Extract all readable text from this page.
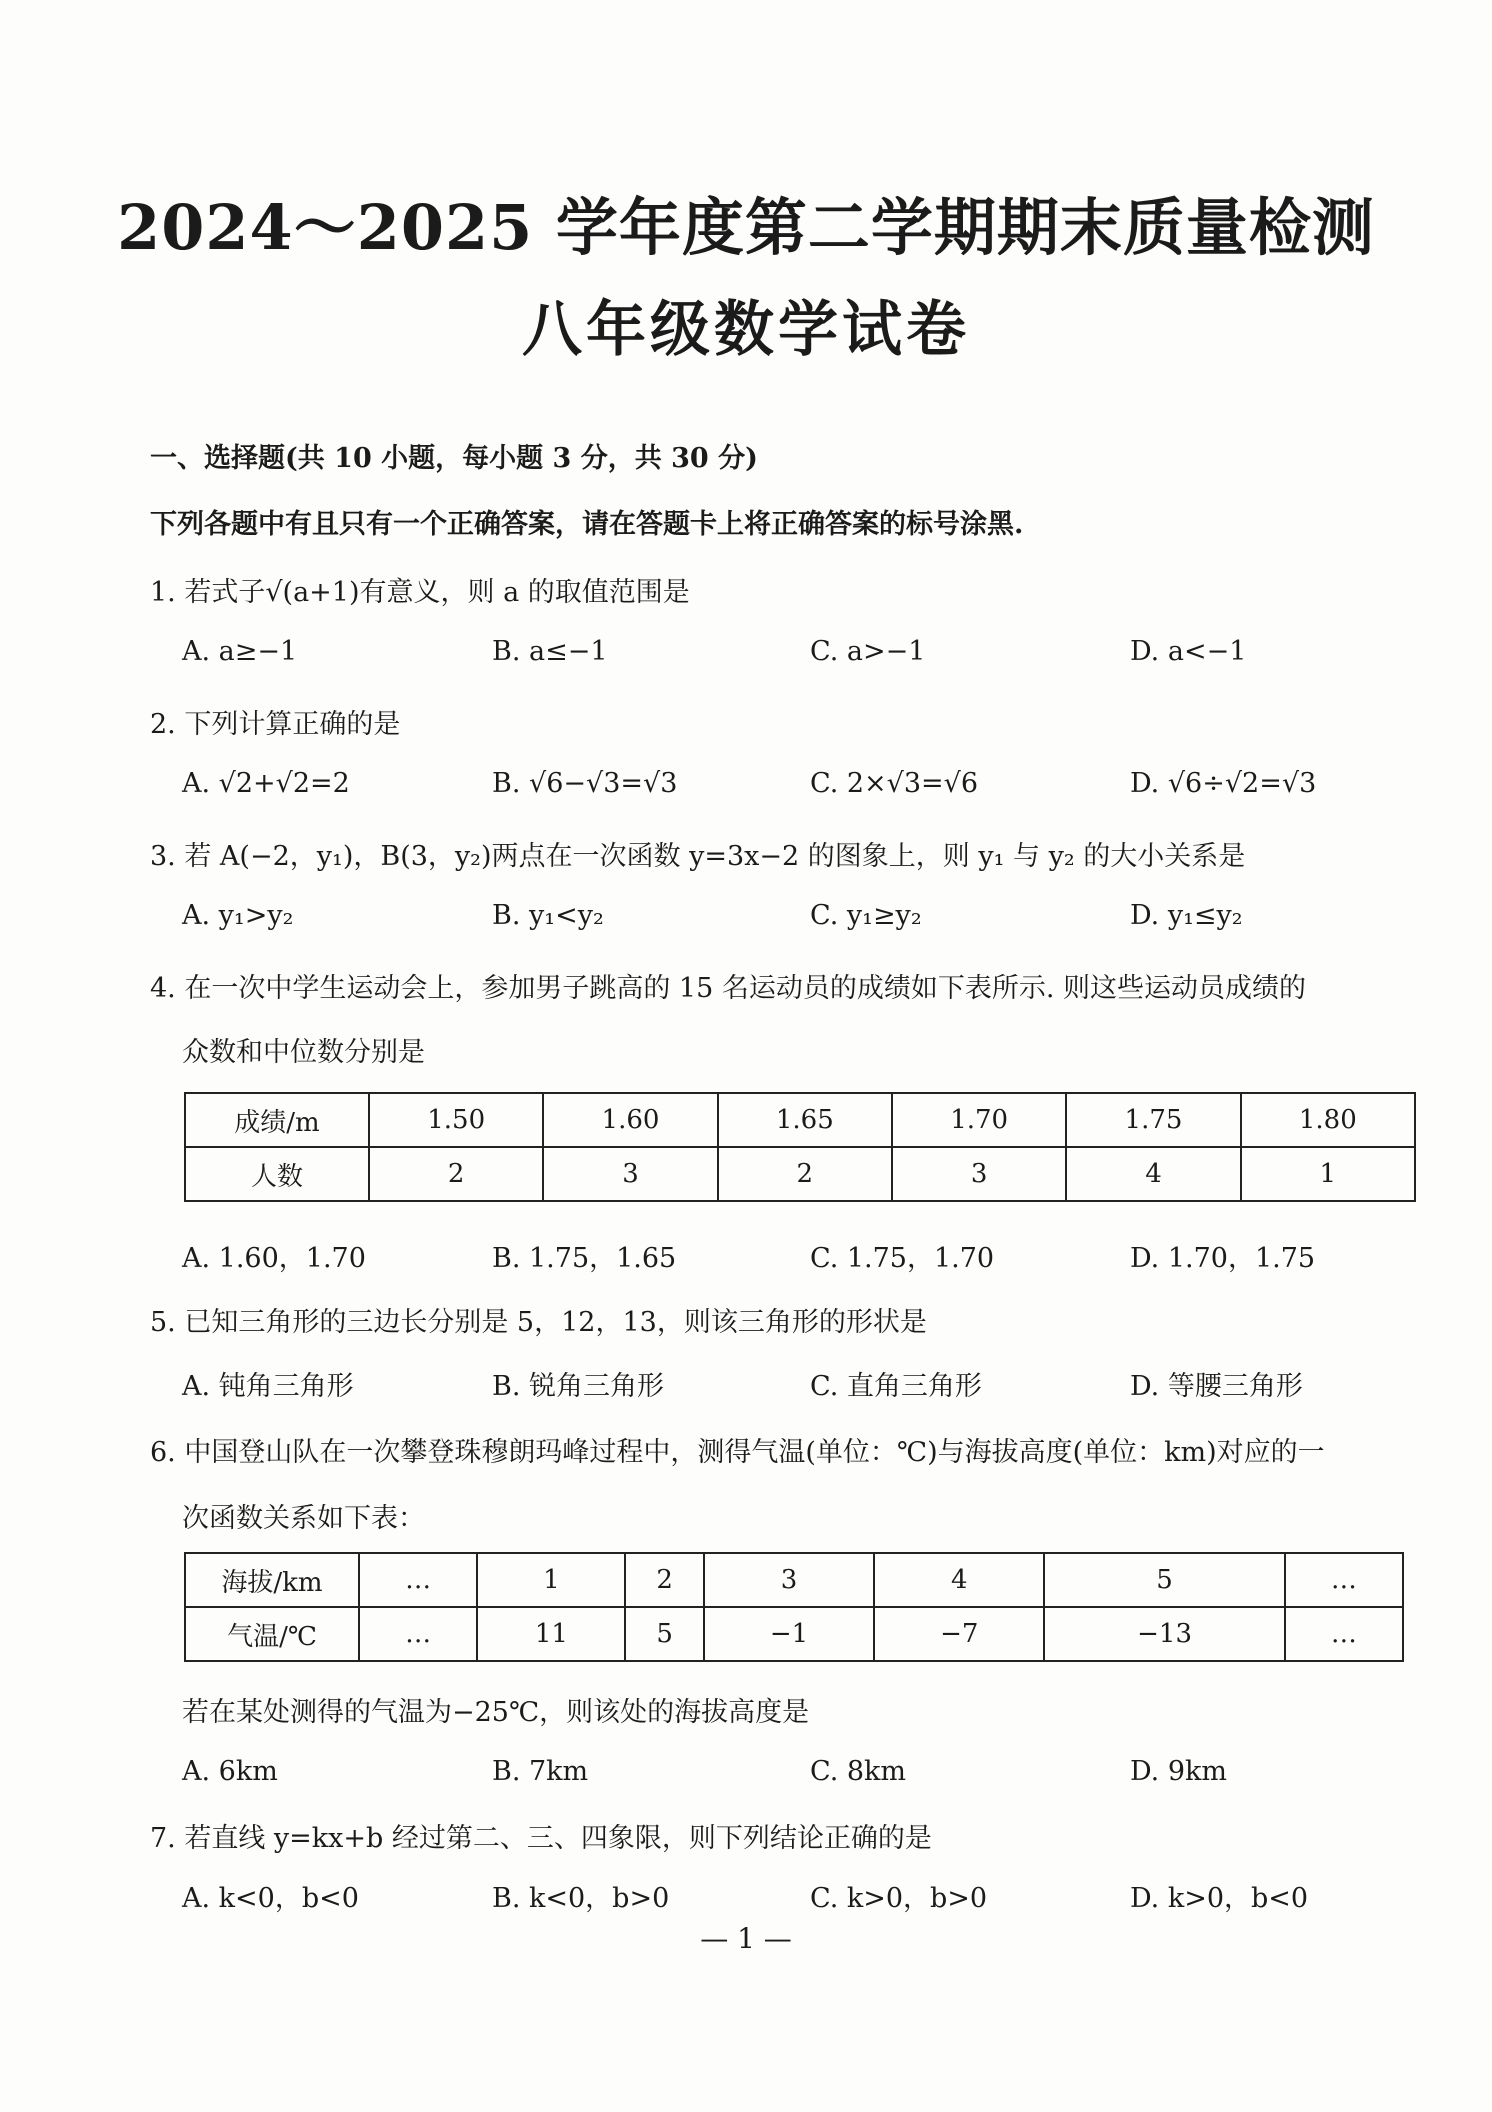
2024～2025 学年度第二学期期末质量检测
八年级数学试卷
一、选择题(共 10 小题，每小题 3 分，共 30 分)
下列各题中有且只有一个正确答案，请在答题卡上将正确答案的标号涂黑.
1. 若式子√(a+1)有意义，则 a 的取值范围是
A. a≥−1	B. a≤−1	C. a>−1	D. a<−1
2. 下列计算正确的是
A. √2+√2=2	B. √6−√3=√3	C. 2×√3=√6	D. √6÷√2=√3
3. 若 A(−2，y₁)，B(3，y₂)两点在一次函数 y=3x−2 的图象上，则 y₁ 与 y₂ 的大小关系是
A. y₁>y₂	B. y₁<y₂	C. y₁≥y₂	D. y₁≤y₂
4. 在一次中学生运动会上，参加男子跳高的 15 名运动员的成绩如下表所示. 则这些运动员成绩的
众数和中位数分别是
成绩/m	1.50	1.60	1.65	1.70	1.75	1.80
人数	2	3	2	3	4	1
A. 1.60，1.70	B. 1.75，1.65	C. 1.75，1.70	D. 1.70，1.75
5. 已知三角形的三边长分别是 5，12，13，则该三角形的形状是
A. 钝角三角形	B. 锐角三角形	C. 直角三角形	D. 等腰三角形
6. 中国登山队在一次攀登珠穆朗玛峰过程中，测得气温(单位：℃)与海拔高度(单位：km)对应的一
次函数关系如下表：
海拔/km	…	1	2	3	4	5	…
气温/℃	…	11	5	−1	−7	−13	…
若在某处测得的气温为−25℃，则该处的海拔高度是
A. 6km	B. 7km	C. 8km	D. 9km
7. 若直线 y=kx+b 经过第二、三、四象限，则下列结论正确的是
A. k<0，b<0	B. k<0，b>0	C. k>0，b>0	D. k>0，b<0
— 1 —
